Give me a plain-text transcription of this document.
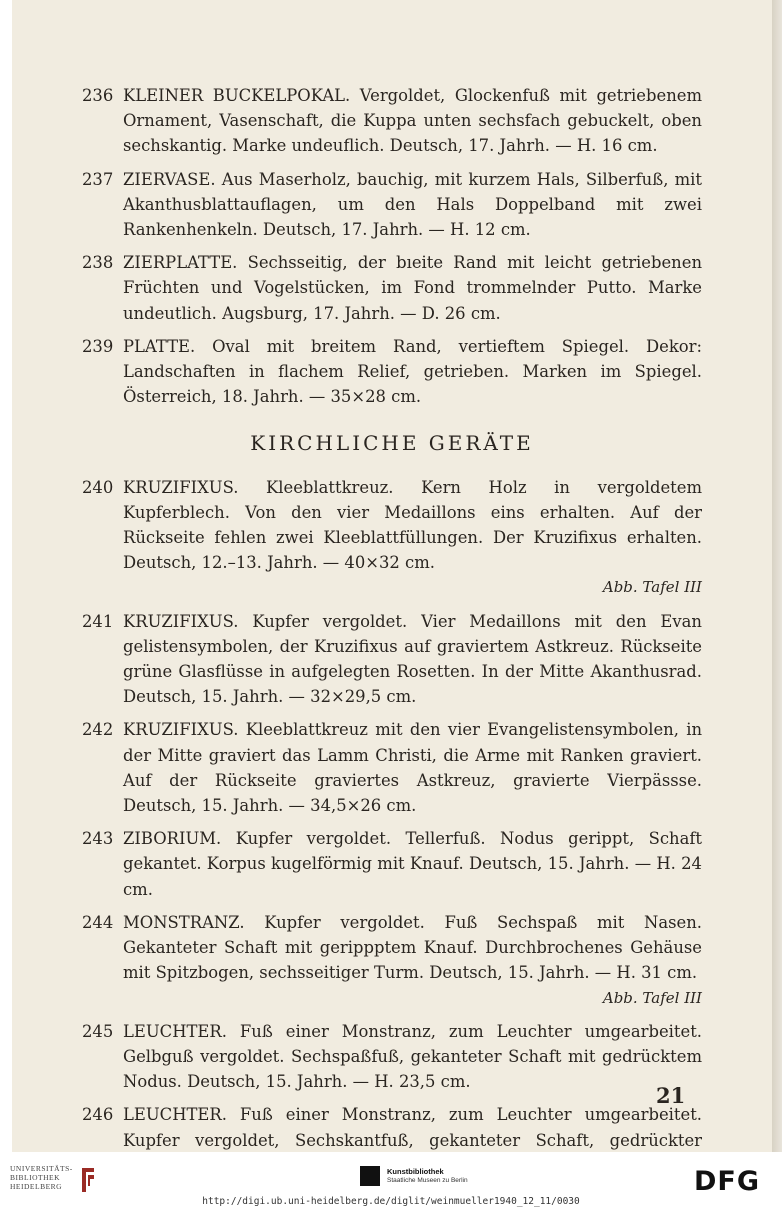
236 KLEINER BUCKELPOKAL. Vergoldet, Glockenfuß mit getriebenem Ornament, Vasenschaft, die Kuppa unten sechsfach gebuckelt, oben sechskantig. Marke undeuflich. Deutsch, 17. Jahrh. — H. 16 cm.
237 ZIERVASE. Aus Maserholz, bauchig, mit kurzem Hals, Silberfuß, mit Akanthusblattauflagen, um den Hals Doppelband mit zwei Rankenhenkeln. Deutsch, 17. Jahrh. — H. 12 cm.
238 ZIERPLATTE. Sechsseitig, der bıeite Rand mit leicht getriebenen Früchten und Vogelstücken, im Fond trommelnder Putto. Marke undeutlich. Augsburg, 17. Jahrh. — D. 26 cm.
239 PLATTE. Oval mit breitem Rand, vertieftem Spiegel. Dekor: Landschaften in flachem Relief, getrieben. Marken im Spiegel. Österreich, 18. Jahrh. — 35×28 cm.
KIRCHLICHE GERÄTE
240 KRUZIFIXUS. Kleeblattkreuz. Kern Holz in vergoldetem Kupferblech. Von den vier Medaillons eins erhalten. Auf der Rückseite fehlen zwei Kleeblattfüllungen. Der Kruzifixus erhalten. Deutsch, 12.–13. Jahrh. — 40×32 cm.
Abb. Tafel III
241 KRUZIFIXUS. Kupfer vergoldet. Vier Medaillons mit den Evan gelistensymbolen, der Kruzifixus auf graviertem Astkreuz. Rückseite grüne Glasflüsse in aufgelegten Rosetten. In der Mitte Akanthusrad. Deutsch, 15. Jahrh. — 32×29,5 cm.
242 KRUZIFIXUS. Kleeblattkreuz mit den vier Evangelistensymbolen, in der Mitte graviert das Lamm Christi, die Arme mit Ranken graviert. Auf der Rückseite graviertes Astkreuz, gravierte Vierpässse. Deutsch, 15. Jahrh. — 34,5×26 cm.
243 ZIBORIUM. Kupfer vergoldet. Tellerfuß. Nodus gerippt, Schaft gekantet. Korpus kugelförmig mit Knauf. Deutsch, 15. Jahrh. — H. 24 cm.
244 MONSTRANZ. Kupfer vergoldet. Fuß Sechspaß mit Nasen. Gekanteter Schaft mit gerippptem Knauf. Durchbrochenes Gehäuse mit Spitzbogen, sechsseitiger Turm. Deutsch, 15. Jahrh. — H. 31 cm.
Abb. Tafel III
245 LEUCHTER. Fuß einer Monstranz, zum Leuchter umgearbeitet. Gelbguß vergoldet. Sechspaßfuß, gekanteter Schaft mit gedrücktem Nodus. Deutsch, 15. Jahrh. — H. 23,5 cm.
246 LEUCHTER. Fuß einer Monstranz, zum Leuchter umgearbeitet. Kupfer vergoldet, Sechskantfuß, gekanteter Schaft, gedrückter
21
UNIVERSITÄTS-
BIBLIOTHEK
HEIDELBERG
Kunstbibliothek
Staatliche Museen zu Berlin	DFG
http://digi.ub.uni-heidelberg.de/diglit/weinmueller1940_12_11/0030
